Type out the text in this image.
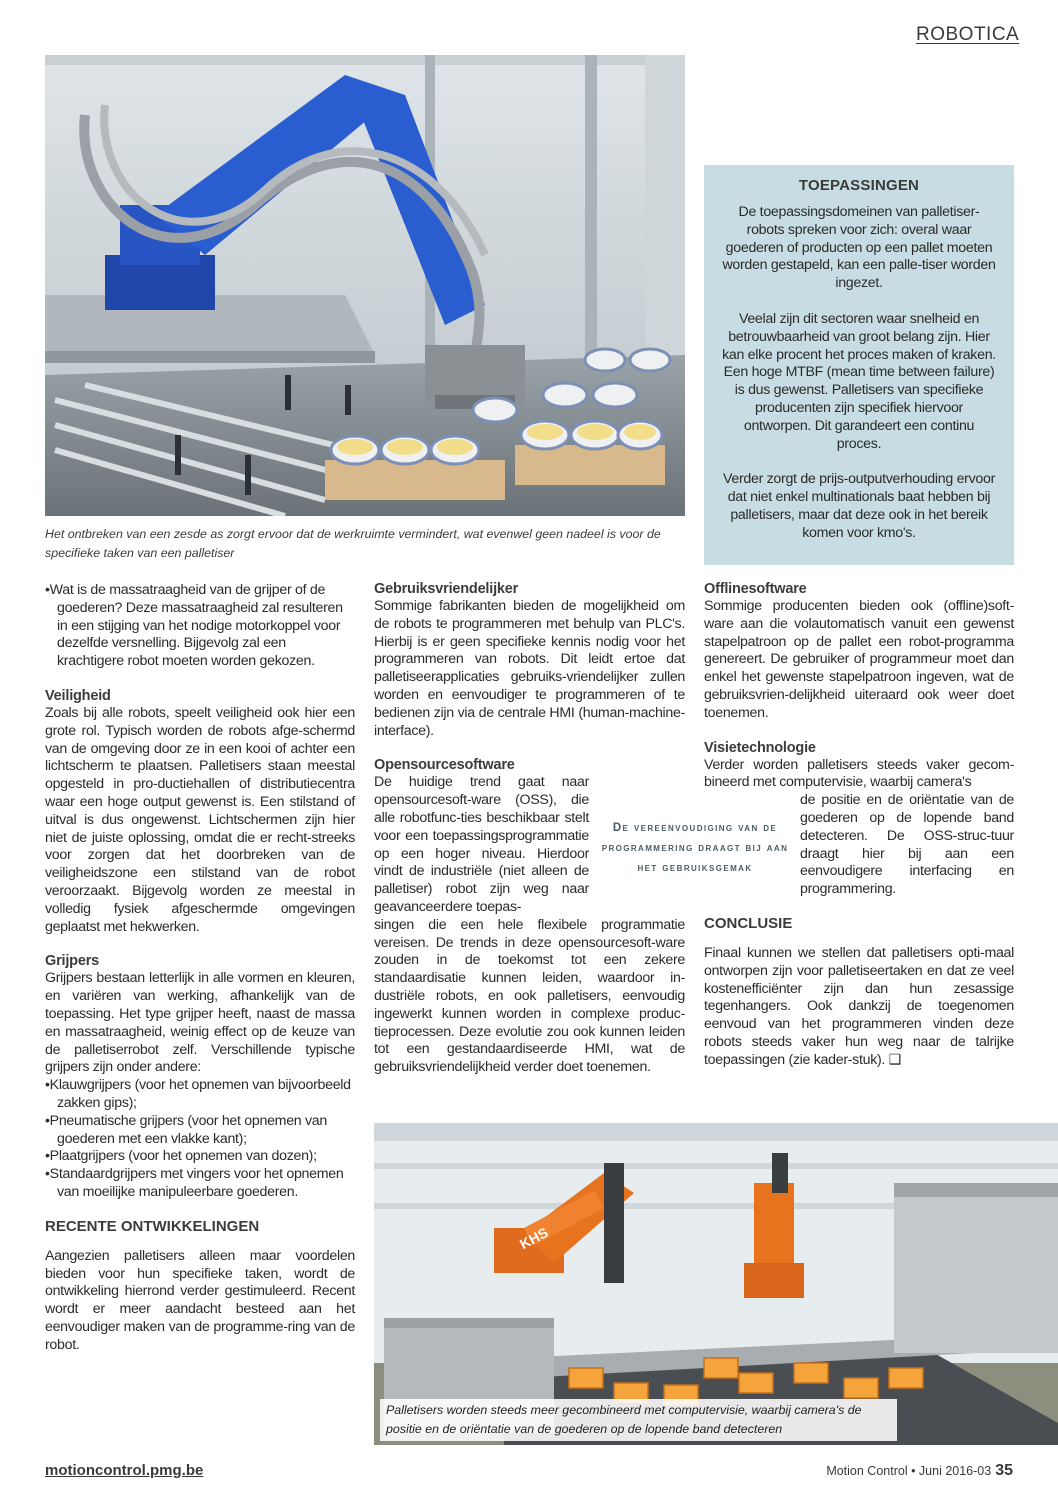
ROBOTICA
Het ontbreken van een zesde as zorgt ervoor dat de werkruimte vermindert, wat evenwel geen nadeel is voor de specifieke taken van een palletiser
TOEPASSINGEN

De toepassingsdomeinen van palletiser-robots spreken voor zich: overal waar goederen of producten op een pallet moeten worden gestapeld, kan een palle-tiser worden ingezet.

Veelal zijn dit sectoren waar snelheid en betrouwbaarheid van groot belang zijn. Hier kan elke procent het proces maken of kraken. Een hoge MTBF (mean time between failure) is dus gewenst. Palletisers van specifieke producenten zijn specifiek hiervoor ontworpen. Dit garandeert een continu proces.

Verder zorgt de prijs-outputverhouding ervoor dat niet enkel multinationals baat hebben bij palletisers, maar dat deze ook in het bereik komen voor kmo's.

•Wat is de massatraagheid van de grijper of de goederen? Deze massatraagheid zal resulteren in een stijging van het nodige motorkoppel voor dezelfde versnelling. Bijgevolg zal een krachtigere robot moeten worden gekozen.

Veiligheid

Zoals bij alle robots, speelt veiligheid ook hier een grote rol. Typisch worden de robots afge-schermd van de omgeving door ze in een kooi of achter een lichtscherm te plaatsen. Palletisers staan meestal opgesteld in pro-ductiehallen of distributiecentra waar een hoge output gewenst is. Een stilstand of uitval is dus ongewenst. Lichtschermen zijn hier niet de juiste oplossing, omdat die er recht-streeks voor zorgen dat het doorbreken van de veiligheidszone een stilstand van de robot veroorzaakt. Bijgevolg worden ze meestal in volledig fysiek afgeschermde omgevingen geplaatst met hekwerken.

Grijpers

Grijpers bestaan letterlijk in alle vormen en kleuren, en variëren van werking, afhankelijk van de toepassing. Het type grijper heeft, naast de massa en massatraagheid, weinig effect op de keuze van de palletiserrobot zelf. Verschillende typische grijpers zijn onder andere:

•Klauwgrijpers (voor het opnemen van bijvoorbeeld zakken gips);

•Pneumatische grijpers (voor het opnemen van goederen met een vlakke kant);

•Plaatgrijpers (voor het opnemen van dozen);

•Standaardgrijpers met vingers voor het opnemen van moeilijke manipuleerbare goederen.

RECENTE ONTWIKKELINGEN

Aangezien palletisers alleen maar voordelen bieden voor hun specifieke taken, wordt de ontwikkeling hierrond verder gestimuleerd. Recent wordt er meer aandacht besteed aan het eenvoudiger maken van de programme-ring van de robot.

Gebruiksvriendelijker

Sommige fabrikanten bieden de mogelijkheid om de robots te programmeren met behulp van PLC's. Hierbij is er geen specifieke kennis nodig voor het programmeren van robots. Dit leidt ertoe dat palletiseerapplicaties gebruiks-vriendelijker zullen worden en eenvoudiger te programmeren of te bedienen zijn via de centrale HMI (human-machine-interface).

Opensourcesoftware

De huidige trend gaat naar opensourcesoft-ware (OSS), die alle robotfunc-ties beschikbaar stelt voor een toepassingsprogrammatie op een hoger niveau. Hierdoor vindt de industriële (niet alleen de palletiser) robot zijn weg naar geavanceerdere toepas-

singen die een hele flexibele programmatie vereisen. De trends in deze opensourcesoft-ware zouden in de toekomst tot een zekere standaardisatie kunnen leiden, waardoor in-dustriële robots, en ook palletisers, eenvoudig ingewerkt kunnen worden in complexe produc-tieprocessen. Deze evolutie zou ook kunnen leiden tot een gestandaardiseerde HMI, wat de gebruiksvriendelijkheid verder doet toenemen.

De vereenvoudiging van de programmering draagt bij aan het gebruiksgemak
Offlinesoftware

Sommige producenten bieden ook (offline)soft-ware aan die volautomatisch vanuit een gewenst stapelpatroon op de pallet een robot-programma genereert. De gebruiker of programmeur moet dan enkel het gewenste stapelpatroon ingeven, wat de gebruiksvrien-delijkheid uiteraard ook weer doet toenemen.

Visietechnologie

Verder worden palletisers steeds vaker gecom-bineerd met computervisie, waarbij camera's

de positie en de oriëntatie van de goederen op de lopende band detecteren. De OSS-struc-tuur draagt hier bij aan een eenvoudigere interfacing en programmering.

CONCLUSIE

Finaal kunnen we stellen dat palletisers opti-maal ontworpen zijn voor palletiseertaken en dat ze veel kostenefficiënter zijn dan hun zesassige tegenhangers. Ook dankzij de toegenomen eenvoud van het programmeren vinden deze robots steeds vaker hun weg naar de talrijke toepassingen (zie kader-stuk). ❑

KHS
Palletisers worden steeds meer gecombineerd met computervisie, waarbij camera's de positie en de oriëntatie van de goederen op de lopende band detecteren
motioncontrol.pmg.be	Motion Control • Juni 2016-03 35
